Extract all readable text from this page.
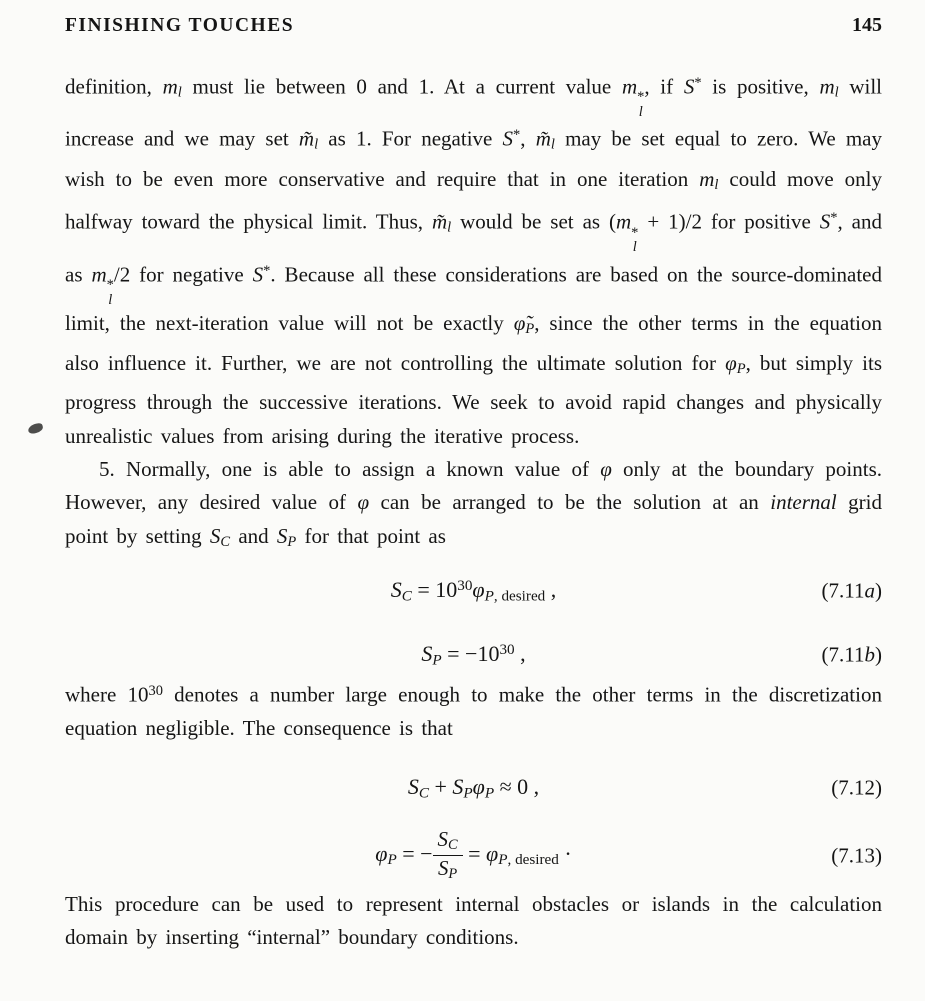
FINISHING TOUCHES	145

definition, ml must lie between 0 and 1. At a current value m *
l
, if S* is positive, ml will increase and we may set m̃l as 1. For negative S*, m̃l may be set equal to zero. We may wish to be even more conservative and require that in one iteration ml could move only halfway toward the physical limit. Thus, m̃l would be set as (m *
l
+ 1)/2 for positive S*, and as m *
l
/2 for negative S*. Because all these considerations are based on the source-dominated limit, the next-iteration value will not be exactly φ̃P, since the other terms in the equation also influence it. Further, we are not controlling the ultimate solution for φP, but simply its progress through the successive iterations. We seek to avoid rapid changes and physically unrealistic values from arising during the iterative process.

5. Normally, one is able to assign a known value of φ only at the boundary points. However, any desired value of φ can be arranged to be the solution at an internal grid point by setting SC and SP for that point as

SC = $10^{30}\varphi P$, desired ,	(7.11a)
SP = $-10^{30}$ ,	(7.11b)

where $10^{30}$ denotes a number large enough to make the other terms in the discretization equation negligible. The consequence is that

SC + SPφP ≈ 0 ,	(7.12)
φP = − $\frac{SC}{SP} = \varphi P$, desired ·	(7.13)

This procedure can be used to represent internal obstacles or islands in the calculation domain by inserting “internal” boundary conditions.
